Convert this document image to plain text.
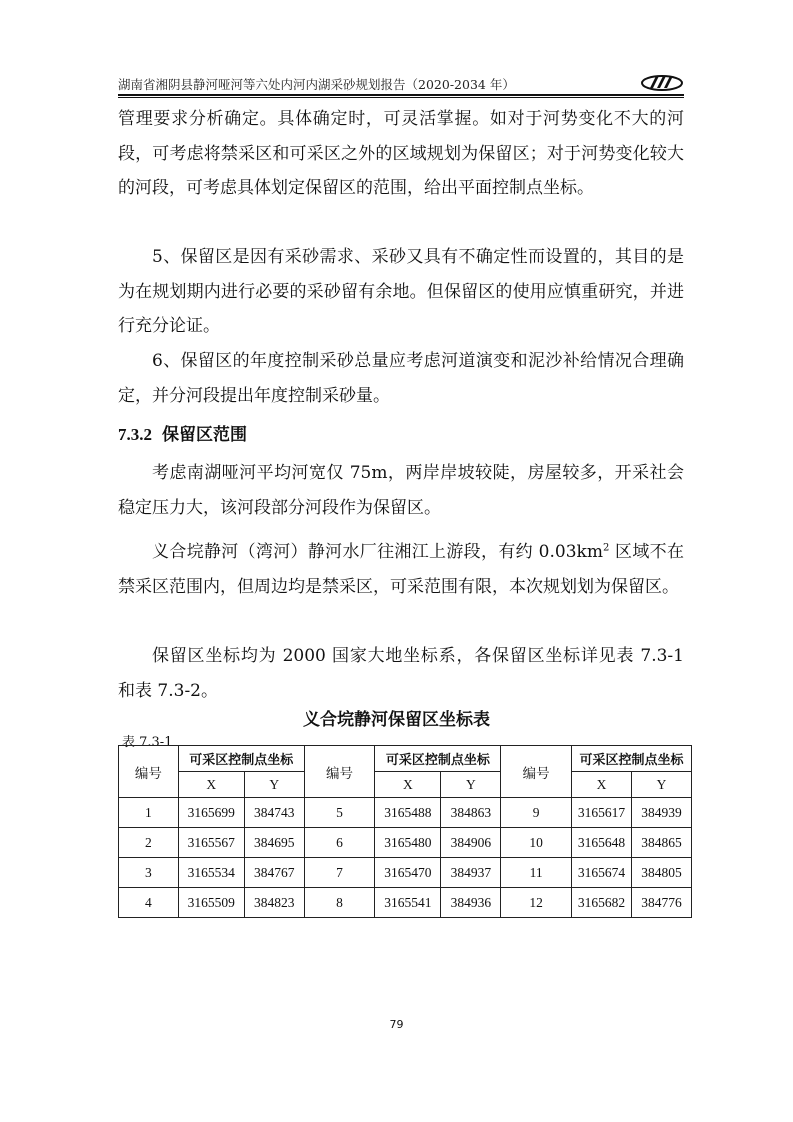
湖南省湘阴县静河哑河等六处内河内湖采砂规划报告（2020-2034 年）

管理要求分析确定。具体确定时，可灵活掌握。如对于河势变化不大的河段，可考虑将禁采区和可采区之外的区域规划为保留区；对于河势变化较大的河段，可考虑具体划定保留区的范围，给出平面控制点坐标。

5、保留区是因有采砂需求、采砂又具有不确定性而设置的，其目的是为在规划期内进行必要的采砂留有余地。但保留区的使用应慎重研究，并进行充分论证。

6、保留区的年度控制采砂总量应考虑河道演变和泥沙补给情况合理确定，并分河段提出年度控制采砂量。

7.3.2 保留区范围

考虑南湖哑河平均河宽仅 75m，两岸岸坡较陡，房屋较多，开采社会稳定压力大，该河段部分河段作为保留区。

义合垸静河（湾河）静河水厂往湘江上游段，有约 $0.03km^2$ 区域不在禁采区范围内，但周边均是禁采区，可采范围有限，本次规划划为保留区。

保留区坐标均为 2000 国家大地坐标系，各保留区坐标详见表 7.3-1 和表 7.3-2。

义合垸静河保留区坐标表

表 7.3-1

编号	可采区控制点坐标		编号	可采区控制点坐标		编号	可采区控制点坐标	
	X	Y		X	Y		X	Y
1	3165699	384743	5	3165488	384863	9	3165617	384939
2	3165567	384695	6	3165480	384906	10	3165648	384865
3	3165534	384767	7	3165470	384937	11	3165674	384805
4	3165509	384823	8	3165541	384936	12	3165682	384776

79
